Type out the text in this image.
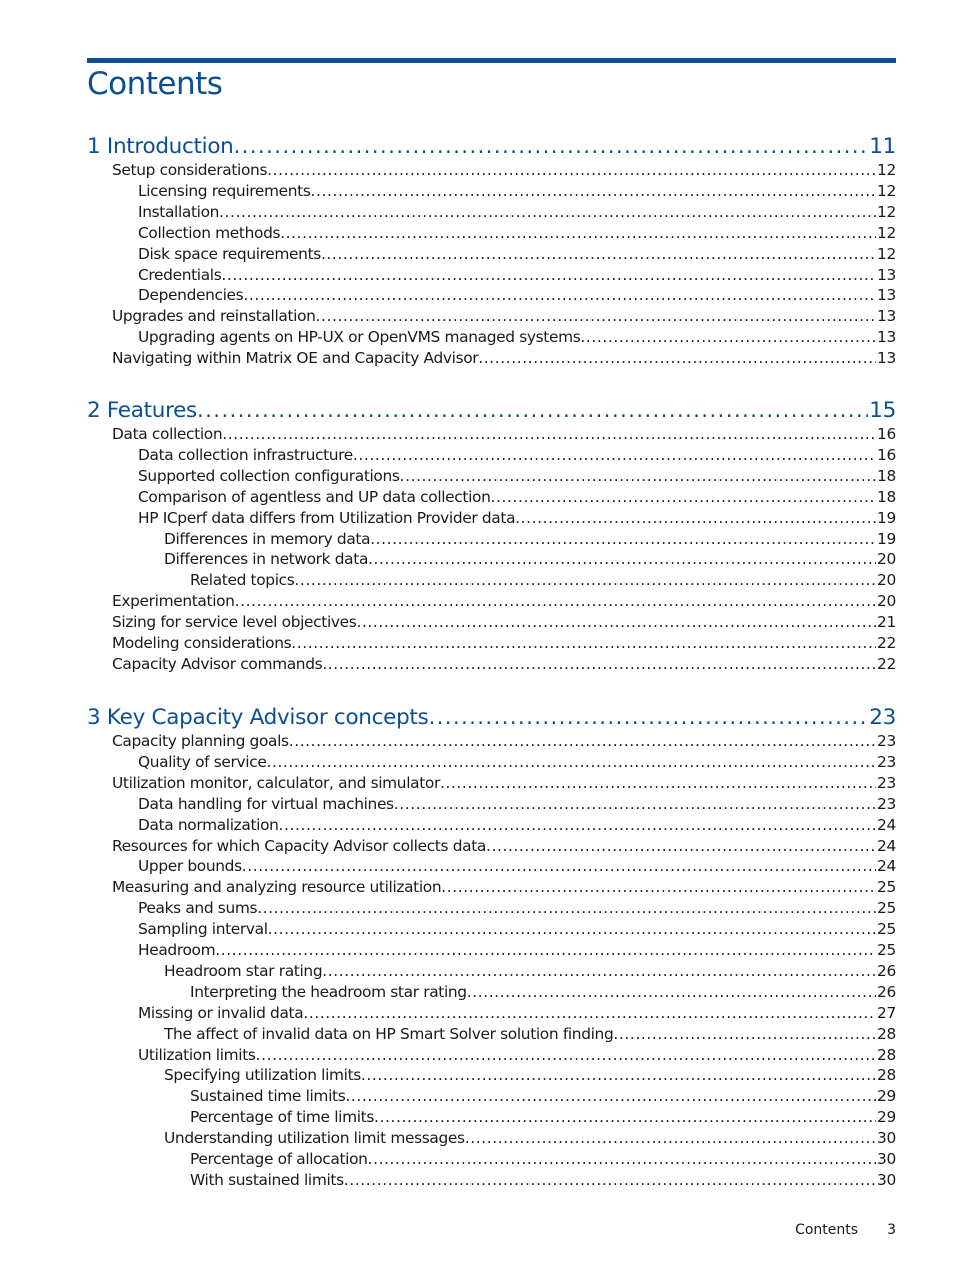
Contents
1 Introduction .....	11
Setup considerations .....	12
Licensing requirements .....	12
Installation .....	12
Collection methods .....	12
Disk space requirements .....	12
Credentials .....	13
Dependencies .....	13
Upgrades and reinstallation .....	13
Upgrading agents on HP-UX or OpenVMS managed systems .....	13
Navigating within Matrix OE and Capacity Advisor .....	13
2 Features .....	15
Data collection .....	16
Data collection infrastructure .....	16
Supported collection configurations .....	18
Comparison of agentless and UP data collection .....	18
HP ICperf data differs from Utilization Provider data .....	19
Differences in memory data .....	19
Differences in network data .....	20
Related topics .....	20
Experimentation .....	20
Sizing for service level objectives .....	21
Modeling considerations .....	22
Capacity Advisor commands .....	22
3 Key Capacity Advisor concepts .....	23
Capacity planning goals .....	23
Quality of service .....	23
Utilization monitor, calculator, and simulator .....	23
Data handling for virtual machines .....	23
Data normalization .....	24
Resources for which Capacity Advisor collects data .....	24
Upper bounds .....	24
Measuring and analyzing resource utilization .....	25
Peaks and sums .....	25
Sampling interval .....	25
Headroom .....	25
Headroom star rating .....	26
Interpreting the headroom star rating .....	26
Missing or invalid data .....	27
The affect of invalid data on HP Smart Solver solution finding .....	28
Utilization limits .....	28
Specifying utilization limits .....	28
Sustained time limits .....	29
Percentage of time limits .....	29
Understanding utilization limit messages .....	30
Percentage of allocation .....	30
With sustained limits .....	30
Contents 3
